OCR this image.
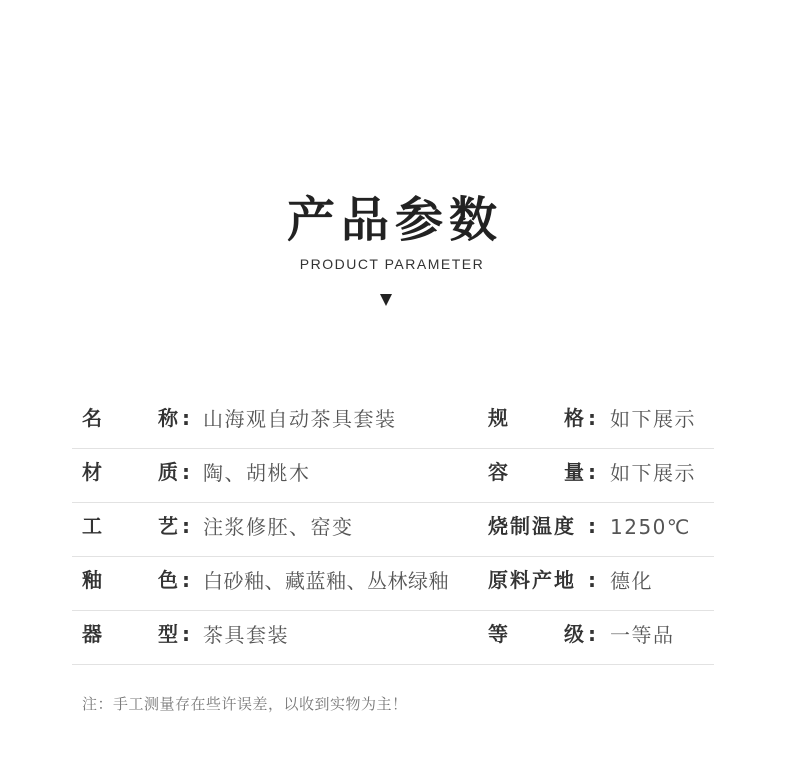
产品参数
PRODUCT PARAMETER
名	称 : 山海观自动茶具套装	规	格 : 如下展示
材	质 : 陶、胡桃木	容	量 : 如下展示
工	艺 : 注浆修胚、窑变	烧制温度 : 1250℃
釉	色 : 白砂釉、藏蓝釉、丛林绿釉 原料产地 : 德化
器	型 : 茶具套装	等	级 : 一等品
注：手工测量存在些许误差，以收到实物为主！
